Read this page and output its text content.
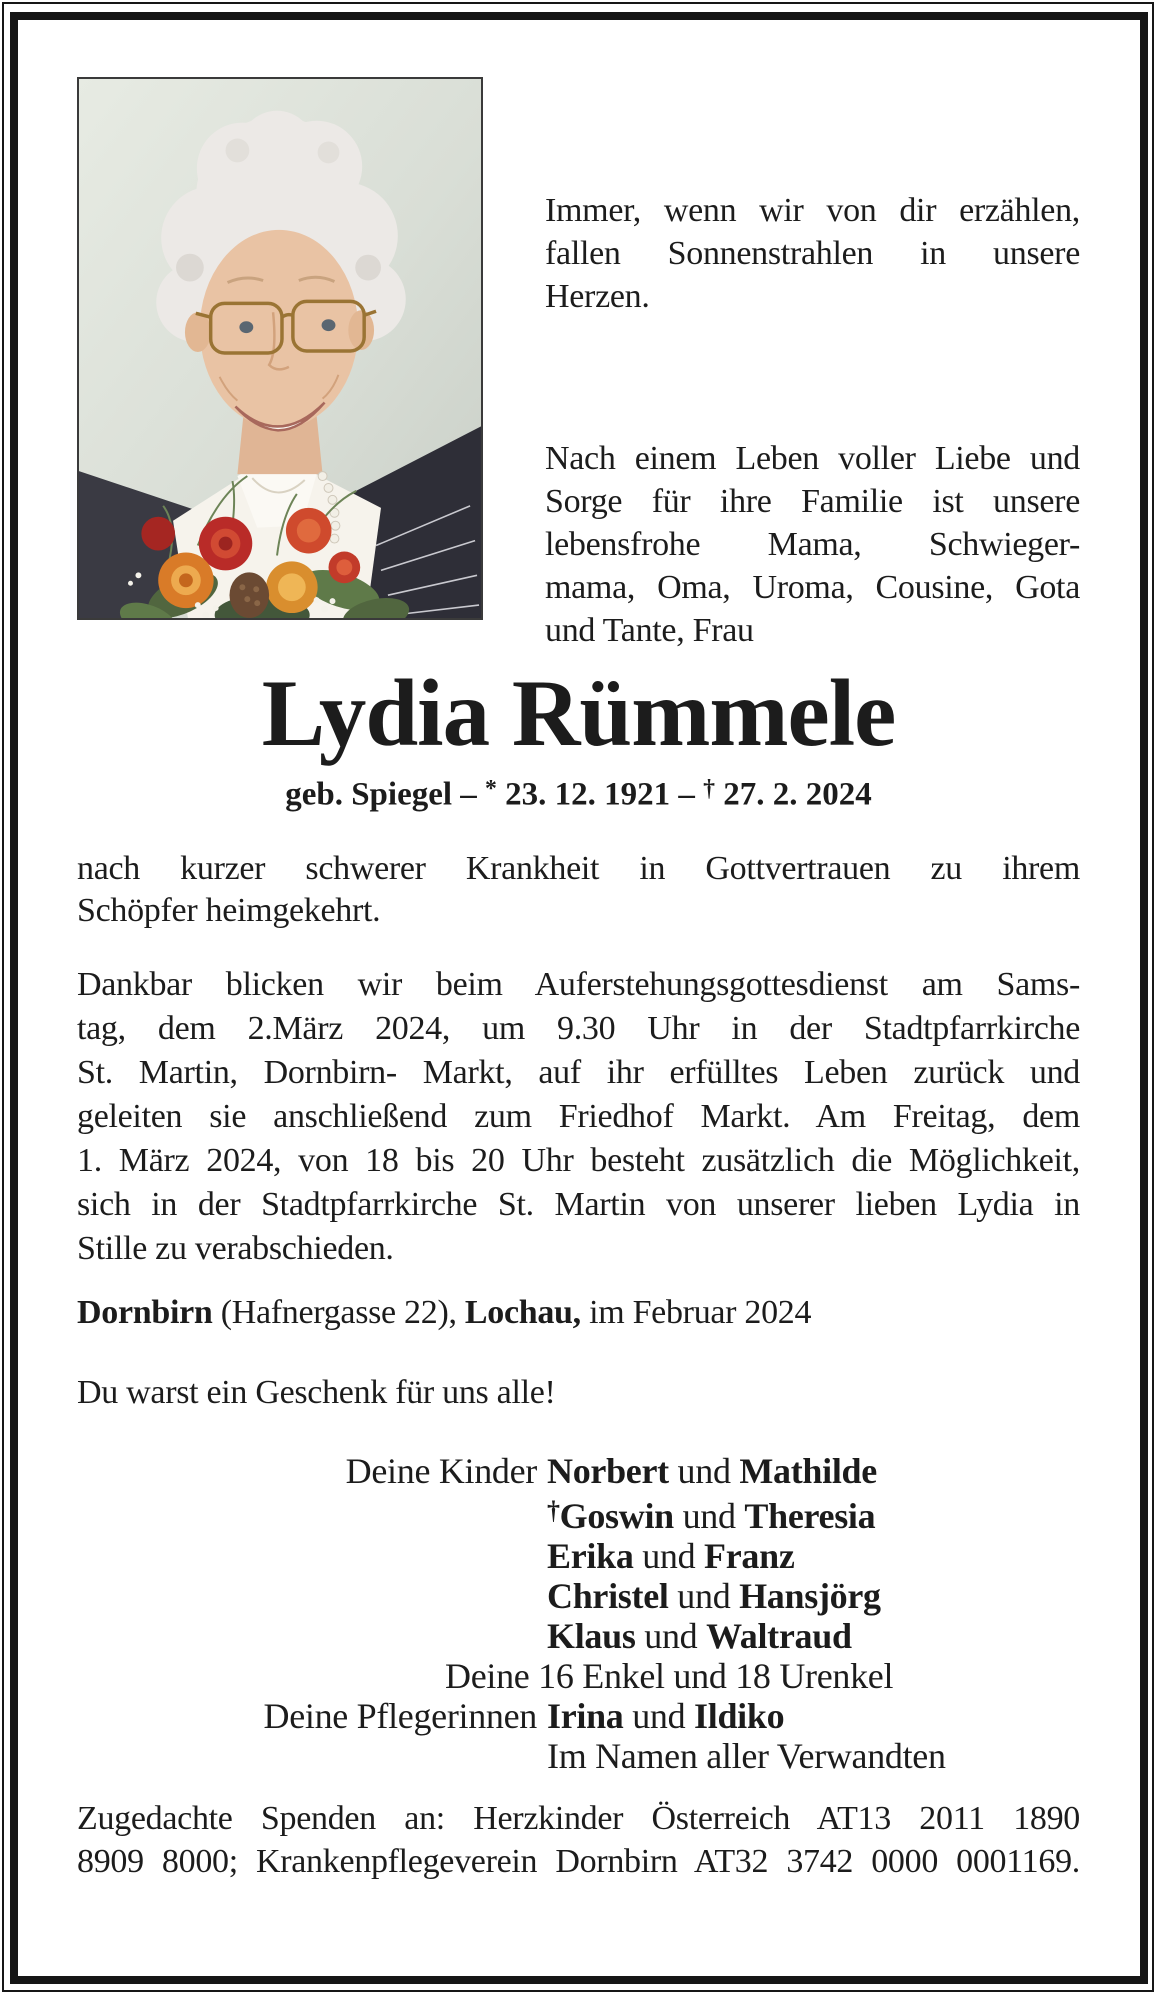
Immer, wenn wir von dir erzählen,
fallen Sonnenstrahlen in unsere
Herzen.
Nach einem Leben voller Liebe und
Sorge für ihre Familie ist unsere
lebensfrohe Mama, Schwieger-
mama, Oma, Uroma, Cousine, Gota
und Tante, Frau
Lydia Rümmele
geb. Spiegel – * 23. 12. 1921 – † 27. 2. 2024
nach kurzer schwerer Krankheit in Gottvertrauen zu ihrem
Schöpfer heimgekehrt.
Dankbar blicken wir beim Auferstehungsgottesdienst am Sams-
tag, dem 2.März 2024, um 9.30 Uhr in der Stadtpfarrkirche
St. Martin, Dornbirn- Markt, auf ihr erfülltes Leben zurück und
geleiten sie anschließend zum Friedhof Markt. Am Freitag, dem
1. März 2024, von 18 bis 20 Uhr besteht zusätzlich die Möglichkeit,
sich in der Stadtpfarrkirche St. Martin von unserer lieben Lydia in
Stille zu verabschieden.
Dornbirn (Hafnergasse 22), Lochau, im Februar 2024
Du warst ein Geschenk für uns alle!
Deine Kinder Norbert und Mathilde
†Goswin und Theresia
Erika und Franz
Christel und Hansjörg
Klaus und Waltraud
Deine 16 Enkel und 18 Urenkel
Deine Pflegerinnen Irina und Ildiko
Im Namen aller Verwandten
Zugedachte Spenden an: Herzkinder Österreich AT13 2011 1890
8909 8000; Krankenpflegeverein Dornbirn AT32 3742 0000 0001169.
